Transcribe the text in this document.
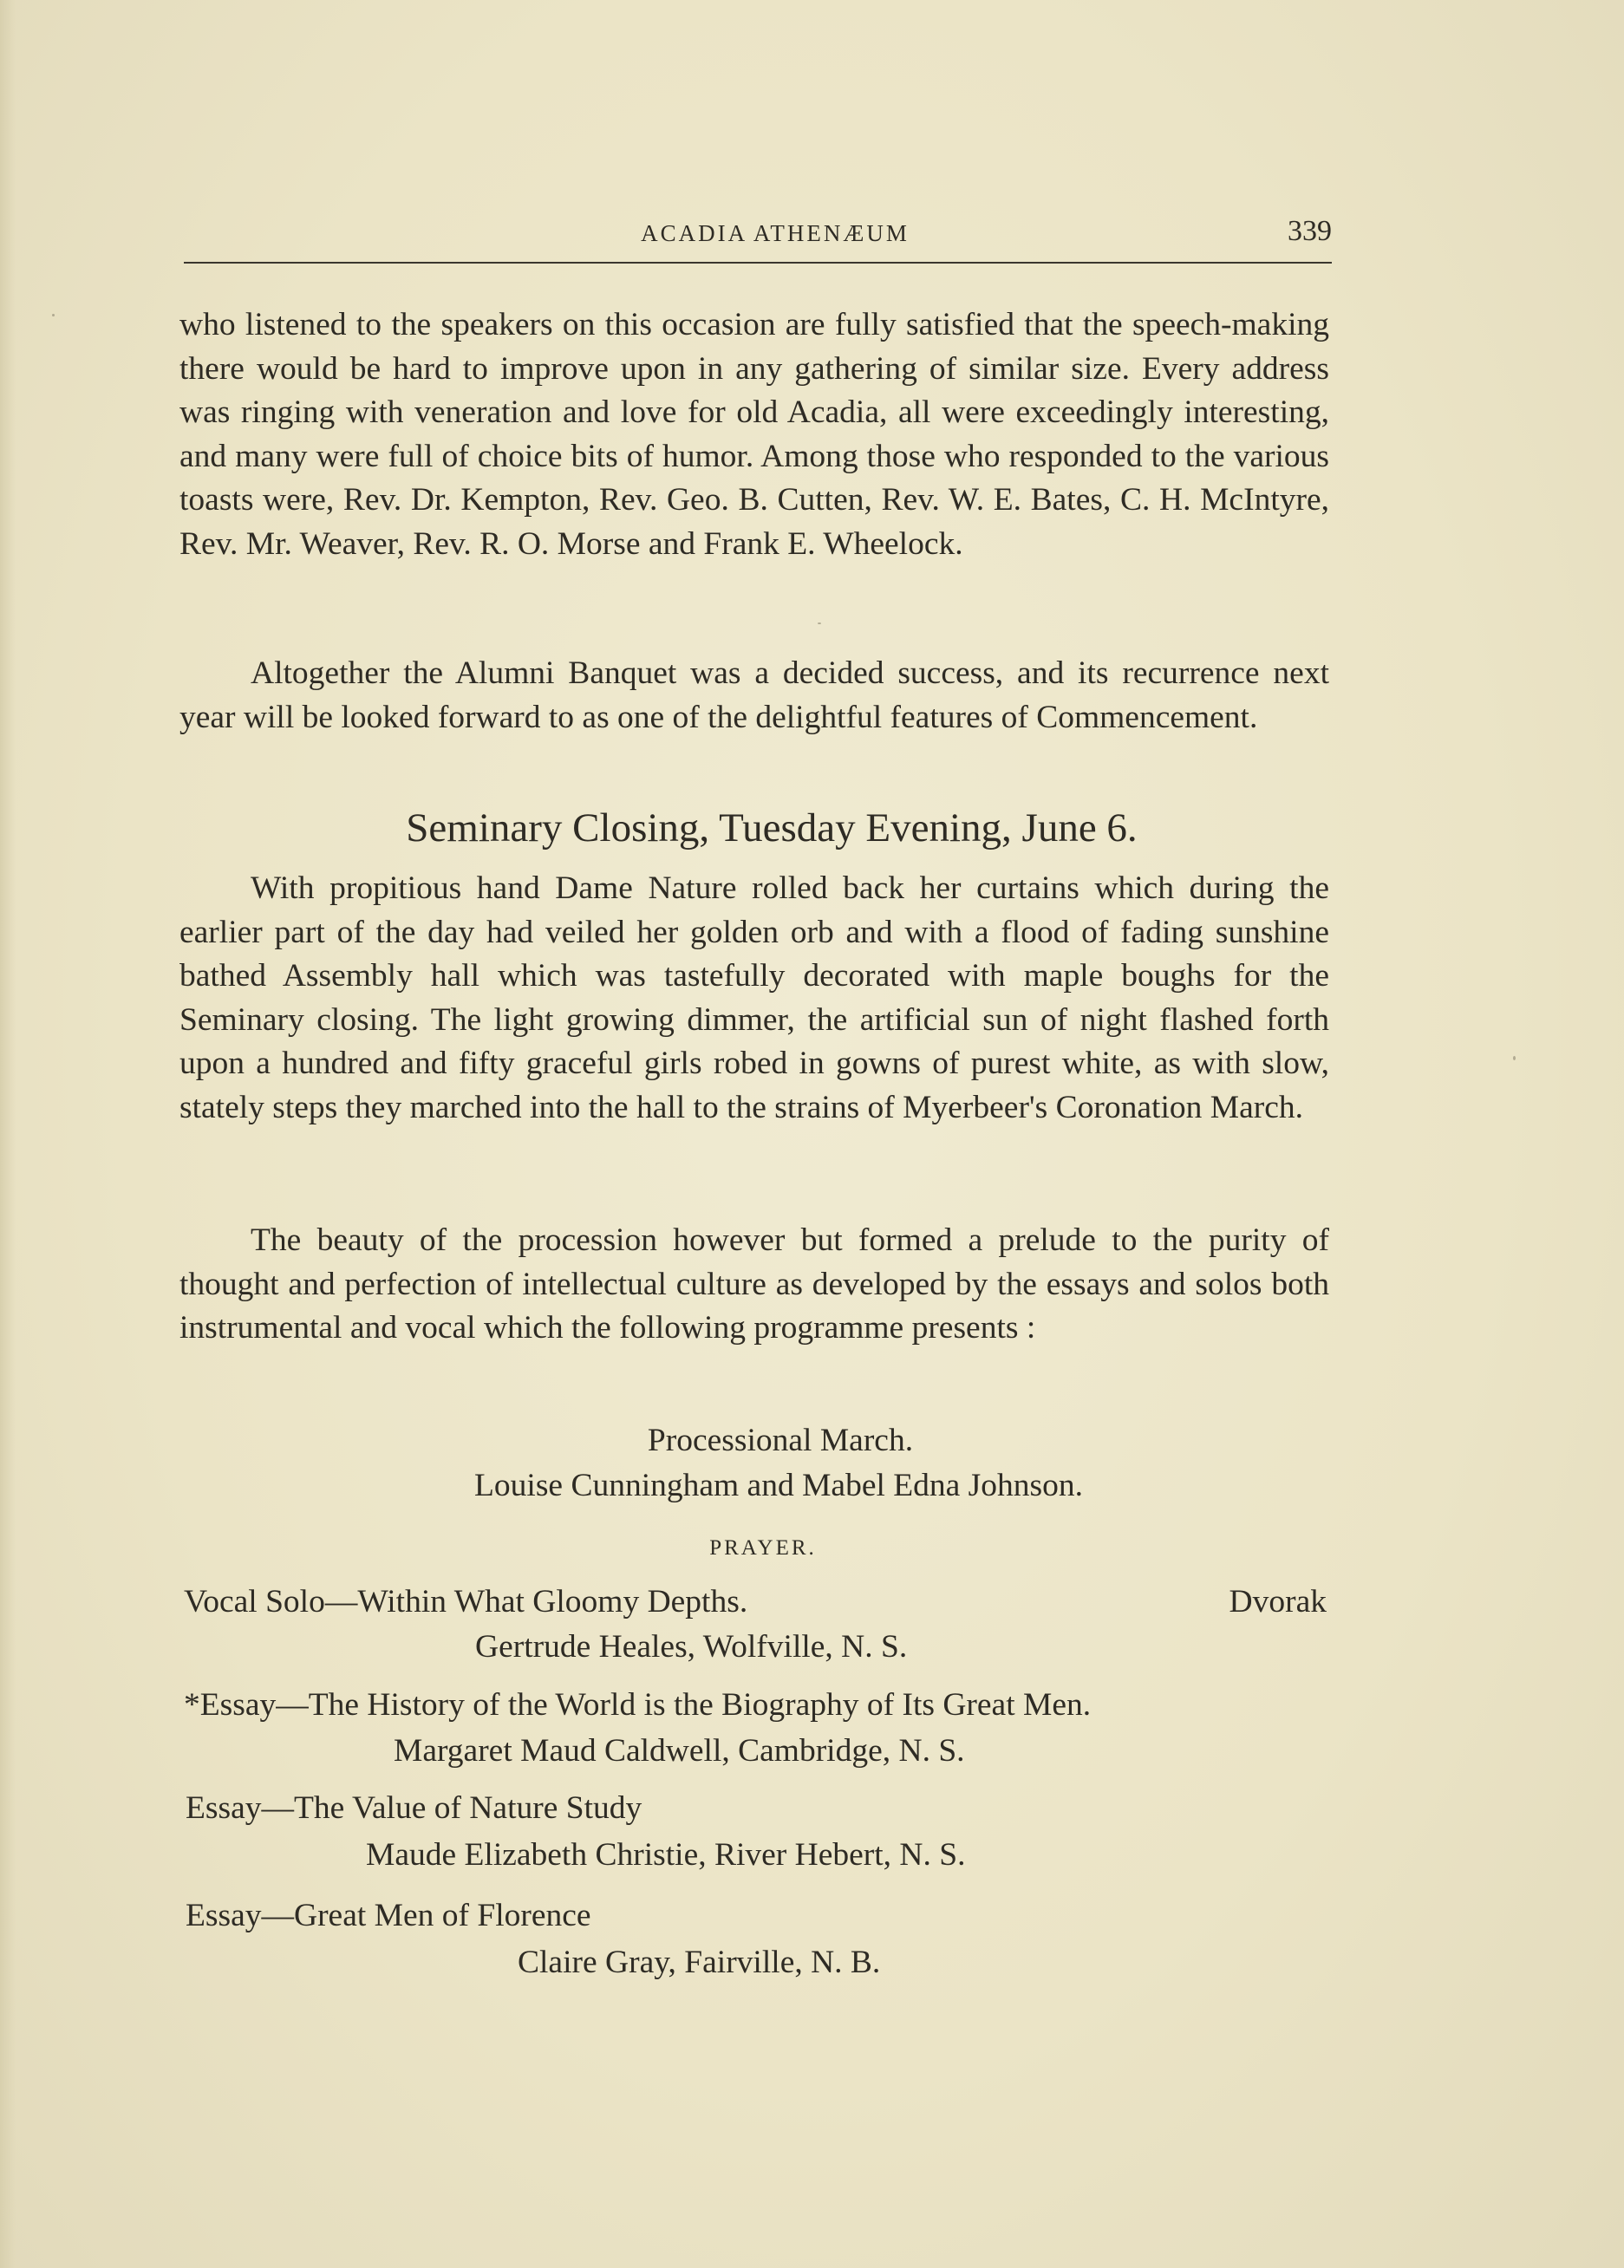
ACADIA ATHENÆUM	339

who listened to the speakers on this occasion are fully satisfied that the speech-making there would be hard to improve upon in any gathering of similar size. Every address was ringing with veneration and love for old Acadia, all were exceedingly interesting, and many were full of choice bits of humor. Among those who responded to the various toasts were, Rev. Dr. Kempton, Rev. Geo. B. Cutten, Rev. W. E. Bates, C. H. McIntyre, Rev. Mr. Weaver, Rev. R. O. Morse and Frank E. Wheelock.

Altogether the Alumni Banquet was a decided success, and its recurrence next year will be looked forward to as one of the delightful features of Commencement.

Seminary Closing, Tuesday Evening, June 6.

With propitious hand Dame Nature rolled back her curtains which during the earlier part of the day had veiled her golden orb and with a flood of fading sunshine bathed Assembly hall which was tastefully decorated with maple boughs for the Seminary closing. The light growing dimmer, the artificial sun of night flashed forth upon a hundred and fifty graceful girls robed in gowns of purest white, as with slow, stately steps they marched into the hall to the strains of Myerbeer's Coronation March.

The beauty of the procession however but formed a prelude to the purity of thought and perfection of intellectual culture as developed by the essays and solos both instrumental and vocal which the following programme presents :

Processional March.
Louise Cunningham and Mabel Edna Johnson.
PRAYER.
Vocal Solo—Within What Gloomy Depths.	Dvorak
Gertrude Heales, Wolfville, N. S.
*Essay—The History of the World is the Biography of Its Great Men.
Margaret Maud Caldwell, Cambridge, N. S.
Essay—The Value of Nature Study
Maude Elizabeth Christie, River Hebert, N. S.
Essay—Great Men of Florence
Claire Gray, Fairville, N. B.
